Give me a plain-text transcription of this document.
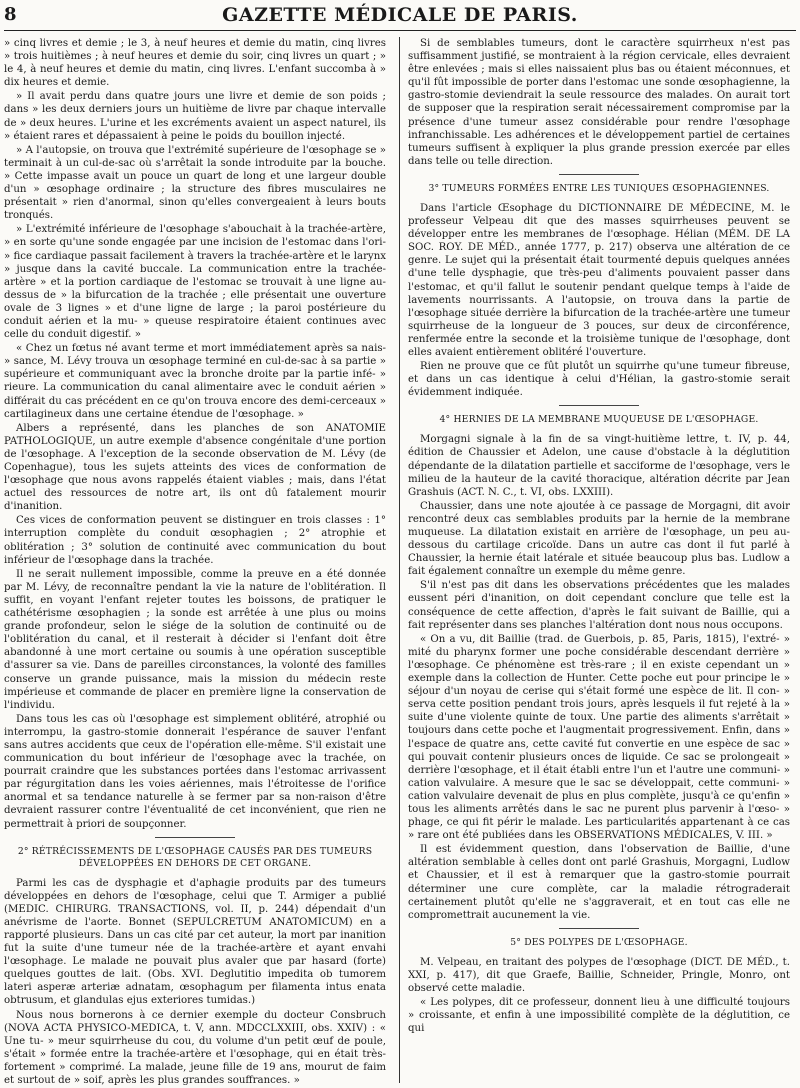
8	GAZETTE MÉDICALE DE PARIS.

» cinq livres et demie ; le 3, à neuf heures et demie du matin, cinq livres » trois huitièmes ; à neuf heures et demie du soir, cinq livres un quart ; » le 4, à neuf heures et demie du matin, cinq livres. L'enfant succomba à » dix heures et demie.

» Il avait perdu dans quatre jours une livre et demie de son poids ; dans » les deux derniers jours un huitième de livre par chaque intervalle de » deux heures. L'urine et les excréments avaient un aspect naturel, ils » étaient rares et dépassaient à peine le poids du bouillon injecté.

» A l'autopsie, on trouva que l'extrémité supérieure de l'œsophage se » terminait à un cul-de-sac où s'arrêtait la sonde introduite par la bouche. » Cette impasse avait un pouce un quart de long et une largeur double d'un » œsophage ordinaire ; la structure des fibres musculaires ne présentait » rien d'anormal, sinon qu'elles convergeaient à leurs bouts tronqués.

» L'extrémité inférieure de l'œsophage s'abouchait à la trachée-artère, » en sorte qu'une sonde engagée par une incision de l'estomac dans l'ori- » fice cardiaque passait facilement à travers la trachée-artère et le larynx » jusque dans la cavité buccale. La communication entre la trachée-artère » et la portion cardiaque de l'estomac se trouvait à une ligne au-dessus de » la bifurcation de la trachée ; elle présentait une ouverture ovale de 3 lignes » et d'une ligne de large ; la paroi postérieure du conduit aérien et la mu- » queuse respiratoire étaient continues avec celle du conduit digestif. »

« Chez un fœtus né avant terme et mort immédiatement après sa nais- » sance, M. Lévy trouva un œsophage terminé en cul-de-sac à sa partie » supérieure et communiquant avec la bronche droite par la partie infé- » rieure. La communication du canal alimentaire avec le conduit aérien » différait du cas précédent en ce qu'on trouva encore des demi-cerceaux » cartilagineux dans une certaine étendue de l'œsophage. »

Albers a représenté, dans les planches de son ANATOMIE PATHOLOGIQUE, un autre exemple d'absence congénitale d'une portion de l'œsophage. A l'exception de la seconde observation de M. Lévy (de Copenhague), tous les sujets atteints des vices de conformation de l'œsophage que nous avons rappelés étaient viables ; mais, dans l'état actuel des ressources de notre art, ils ont dû fatalement mourir d'inanition.

Ces vices de conformation peuvent se distinguer en trois classes : 1° interruption complète du conduit œsophagien ; 2° atrophie et oblitération ; 3° solution de continuité avec communication du bout inférieur de l'œsophage dans la trachée.

Il ne serait nullement impossible, comme la preuve en a été donnée par M. Lévy, de reconnaître pendant la vie la nature de l'oblitération. Il suffit, en voyant l'enfant rejeter toutes les boissons, de pratiquer le cathétérisme œsophagien ; la sonde est arrêtée à une plus ou moins grande profondeur, selon le siége de la solution de continuité ou de l'oblitération du canal, et il resterait à décider si l'enfant doit être abandonné à une mort certaine ou soumis à une opération susceptible d'assurer sa vie. Dans de pareilles circonstances, la volonté des familles conserve un grande puissance, mais la mission du médecin reste impérieuse et commande de placer en première ligne la conservation de l'individu.

Dans tous les cas où l'œsophage est simplement oblitéré, atrophié ou interrompu, la gastro-stomie donnerait l'espérance de sauver l'enfant sans autres accidents que ceux de l'opération elle-même. S'il existait une communication du bout inférieur de l'œsophage avec la trachée, on pourrait craindre que les substances portées dans l'estomac arrivassent par régurgitation dans les voies aériennes, mais l'étroitesse de l'orifice anormal et sa tendance naturelle à se fermer par sa non-raison d'être devraient rassurer contre l'éventualité de cet inconvénient, que rien ne permettrait à priori de soupçonner.

2° RÉTRÉCISSEMENTS DE L'ŒSOPHAGE CAUSÉS PAR DES TUMEURS DÉVELOPPÉES EN DEHORS DE CET ORGANE.

Parmi les cas de dysphagie et d'aphagie produits par des tumeurs développées en dehors de l'œsophage, celui que T. Armiger a publié (MEDIC. CHIRURG. TRANSACTIONS, vol. II, p. 244) dépendait d'un anévrisme de l'aorte. Bonnet (SEPULCRETUM ANATOMICUM) en a rapporté plusieurs. Dans un cas cité par cet auteur, la mort par inanition fut la suite d'une tumeur née de la trachée-artère et ayant envahi l'œsophage. Le malade ne pouvait plus avaler que par hasard (forte) quelques gouttes de lait. (Obs. XVI. Deglutitio impedita ob tumorem lateri asperæ arteriæ adnatam, œsophagum per filamenta intus enata obtrusum, et glandulas ejus exteriores tumidas.)

Nous nous bornerons à ce dernier exemple du docteur Consbruch (NOVA ACTA PHYSICO-MEDICA, t. V, ann. MDCCLXXIII, obs. XXIV) : « Une tu- » meur squirrheuse du cou, du volume d'un petit œuf de poule, s'était » formée entre la trachée-artère et l'œsophage, qui en était très-fortement » comprimé. La malade, jeune fille de 19 ans, mourut de faim et surtout de » soif, après les plus grandes souffrances. »

Si de semblables tumeurs, dont le caractère squirrheux n'est pas suffisamment justifié, se montraient à la région cervicale, elles devraient être enlevées ; mais si elles naissaient plus bas ou étaient méconnues, et qu'il fût impossible de porter dans l'estomac une sonde œsophagienne, la gastro-stomie deviendrait la seule ressource des malades. On aurait tort de supposer que la respiration serait nécessairement compromise par la présence d'une tumeur assez considérable pour rendre l'œsophage infranchissable. Les adhérences et le développement partiel de certaines tumeurs suffisent à expliquer la plus grande pression exercée par elles dans telle ou telle direction.

3° TUMEURS FORMÉES ENTRE LES TUNIQUES ŒSOPHAGIENNES.

Dans l'article Œsophage du DICTIONNAIRE DE MÉDECINE, M. le professeur Velpeau dit que des masses squirrheuses peuvent se développer entre les membranes de l'œsophage. Hélian (MÉM. DE LA SOC. ROY. DE MÉD., année 1777, p. 217) observa une altération de ce genre. Le sujet qui la présentait était tourmenté depuis quelques années d'une telle dysphagie, que très-peu d'aliments pouvaient passer dans l'estomac, et qu'il fallut le soutenir pendant quelque temps à l'aide de lavements nourrissants. A l'autopsie, on trouva dans la partie de l'œsophage située derrière la bifurcation de la trachée-artère une tumeur squirrheuse de la longueur de 3 pouces, sur deux de circonférence, renfermée entre la seconde et la troisième tunique de l'œsophage, dont elles avaient entièrement oblitéré l'ouverture.

Rien ne prouve que ce fût plutôt un squirrhe qu'une tumeur fibreuse, et dans un cas identique à celui d'Hélian, la gastro-stomie serait évidemment indiquée.

4° HERNIES DE LA MEMBRANE MUQUEUSE DE L'ŒSOPHAGE.

Morgagni signale à la fin de sa vingt-huitième lettre, t. IV, p. 44, édition de Chaussier et Adelon, une cause d'obstacle à la déglutition dépendante de la dilatation partielle et sacciforme de l'œsophage, vers le milieu de la hauteur de la cavité thoracique, altération décrite par Jean Grashuis (ACT. N. C., t. VI, obs. LXXIII).

Chaussier, dans une note ajoutée à ce passage de Morgagni, dit avoir rencontré deux cas semblables produits par la hernie de la membrane muqueuse. La dilatation existait en arrière de l'œsophage, un peu au-dessous du cartilage cricoïde. Dans un autre cas dont il fut parlé à Chaussier, la hernie était latérale et située beaucoup plus bas. Ludlow a fait également connaître un exemple du même genre.

S'il n'est pas dit dans les observations précédentes que les malades eussent péri d'inanition, on doit cependant conclure que telle est la conséquence de cette affection, d'après le fait suivant de Baillie, qui a fait représenter dans ses planches l'altération dont nous nous occupons.

« On a vu, dit Baillie (trad. de Guerbois, p. 85, Paris, 1815), l'extré- » mité du pharynx former une poche considérable descendant derrière » l'œsophage. Ce phénomène est très-rare ; il en existe cependant un » exemple dans la collection de Hunter. Cette poche eut pour principe le » séjour d'un noyau de cerise qui s'était formé une espèce de lit. Il con- » serva cette position pendant trois jours, après lesquels il fut rejeté à la » suite d'une violente quinte de toux. Une partie des aliments s'arrêtait » toujours dans cette poche et l'augmentait progressivement. Enfin, dans » l'espace de quatre ans, cette cavité fut convertie en une espèce de sac » qui pouvait contenir plusieurs onces de liquide. Ce sac se prolongeait » derrière l'œsophage, et il était établi entre l'un et l'autre une communi- » cation valvulaire. A mesure que le sac se développait, cette communi- » cation valvulaire devenait de plus en plus complète, jusqu'à ce qu'enfin » tous les aliments arrêtés dans le sac ne purent plus parvenir à l'œso- » phage, ce qui fit périr le malade. Les particularités appartenant à ce cas » rare ont été publiées dans les OBSERVATIONS MÉDICALES, V. III. »

Il est évidemment question, dans l'observation de Baillie, d'une altération semblable à celles dont ont parlé Grashuis, Morgagni, Ludlow et Chaussier, et il est à remarquer que la gastro-stomie pourrait déterminer une cure complète, car la maladie rétrograderait certainement plutôt qu'elle ne s'aggraverait, et en tout cas elle ne compromettrait aucunement la vie.

5° DES POLYPES DE L'ŒSOPHAGE.

M. Velpeau, en traitant des polypes de l'œsophage (DICT. DE MÉD., t. XXI, p. 417), dit que Graefe, Baillie, Schneider, Pringle, Monro, ont observé cette maladie.

« Les polypes, dit ce professeur, donnent lieu à une difficulté toujours » croissante, et enfin à une impossibilité complète de la déglutition, ce qui
